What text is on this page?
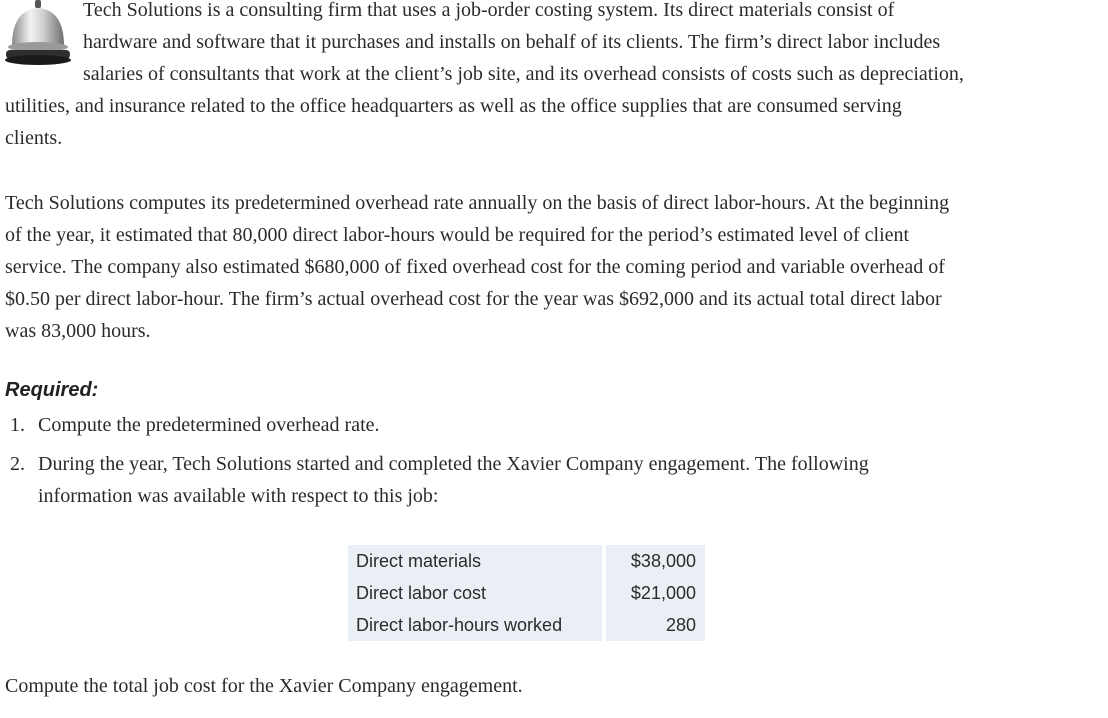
Tech Solutions is a consulting firm that uses a job-order costing system. Its direct materials consist of

hardware and software that it purchases and installs on behalf of its clients. The firm’s direct labor includes

salaries of consultants that work at the client’s job site, and its overhead consists of costs such as depreciation,

utilities, and insurance related to the office headquarters as well as the office supplies that are consumed serving

clients.

Tech Solutions computes its predetermined overhead rate annually on the basis of direct labor-hours. At the beginning

of the year, it estimated that 80,000 direct labor-hours would be required for the period’s estimated level of client

service. The company also estimated $680,000 of fixed overhead cost for the coming period and variable overhead of

$0.50 per direct labor-hour. The firm’s actual overhead cost for the year was $692,000 and its actual total direct labor

was 83,000 hours.

Required:
1. Compute the predetermined overhead rate.
2. During the year, Tech Solutions started and completed the Xavier Company engagement. The following
information was available with respect to this job:
Direct materials	$38,000
Direct labor cost	$21,000
Direct labor-hours worked	280
Compute the total job cost for the Xavier Company engagement.
